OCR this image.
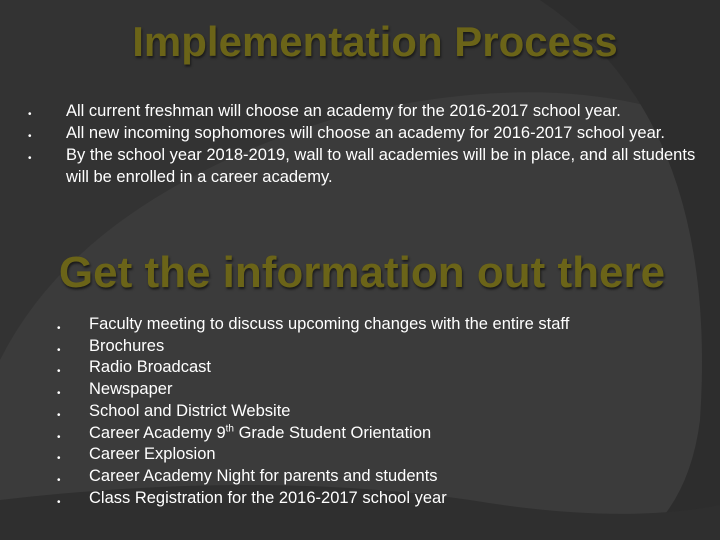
Implementation Process
• All current freshman will choose an academy for the 2016-2017 school year.
• All new incoming sophomores will choose an academy for 2016-2017 school year.
• By the school year 2018-2019, wall to wall academies will be in place, and all students will be enrolled in a career academy.
Get the information out there
• Faculty meeting to discuss upcoming changes with the entire staff
• Brochures
• Radio Broadcast
• Newspaper
• School and District Website
• Career Academy 9th Grade Student Orientation
• Career Explosion
• Career Academy Night for parents and students
• Class Registration for the 2016-2017 school year
